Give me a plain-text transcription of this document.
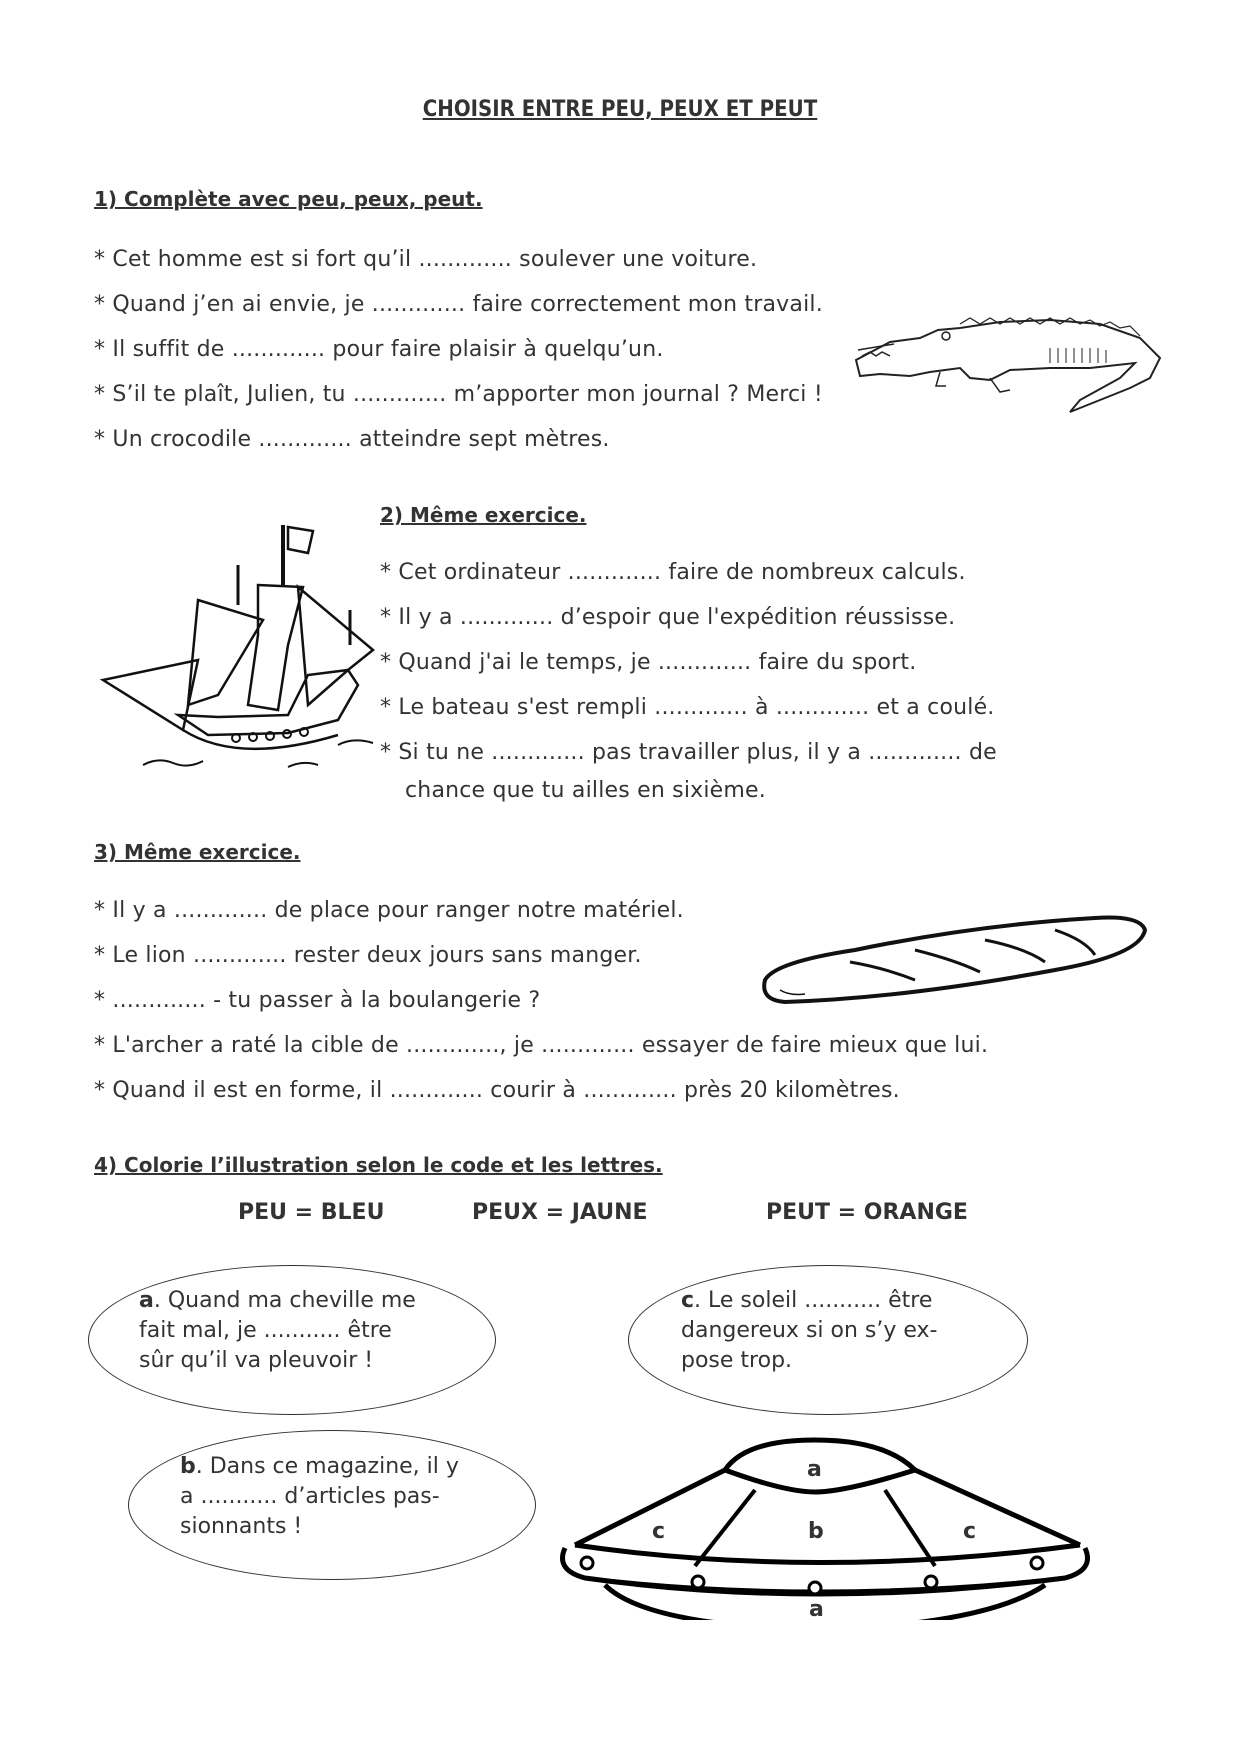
CHOISIR ENTRE PEU, PEUX ET PEUT
1) Complète avec peu, peux, peut.
* Cet homme est si fort qu’il ............. soulever une voiture.
* Quand j’en ai envie, je ............. faire correctement mon travail.
* Il suffit de ............. pour faire plaisir à quelqu’un.
* S’il te plaît, Julien, tu ............. m’apporter mon journal ? Merci !
* Un crocodile ............. atteindre sept mètres.
2) Même exercice.
* Cet ordinateur ............. faire de nombreux calculs.
* Il y a ............. d’espoir que l'expédition réussisse.
* Quand j'ai le temps, je ............. faire du sport.
* Le bateau s'est rempli ............. à ............. et a coulé.
* Si tu ne ............. pas travailler plus, il y a ............. de
chance que tu ailles en sixième.
3) Même exercice.
* Il y a ............. de place pour ranger notre matériel.
* Le lion ............. rester deux jours sans manger.
* ............. - tu passer à la boulangerie ?
* L'archer a raté la cible de ............., je ............. essayer de faire mieux que lui.
* Quand il est en forme, il ............. courir à ............. près 20 kilomètres.
4) Colorie l’illustration selon le code et les lettres.
PEU = BLEU	PEUX = JAUNE	PEUT = ORANGE
a. Quand ma cheville me
fait mal, je ........... être
sûr qu’il va pleuvoir !
c. Le soleil ........... être
dangereux si on s’y ex-
pose trop.
b. Dans ce magazine, il y
a ........... d’articles pas-
sionnants !
a
c	b	c
a
